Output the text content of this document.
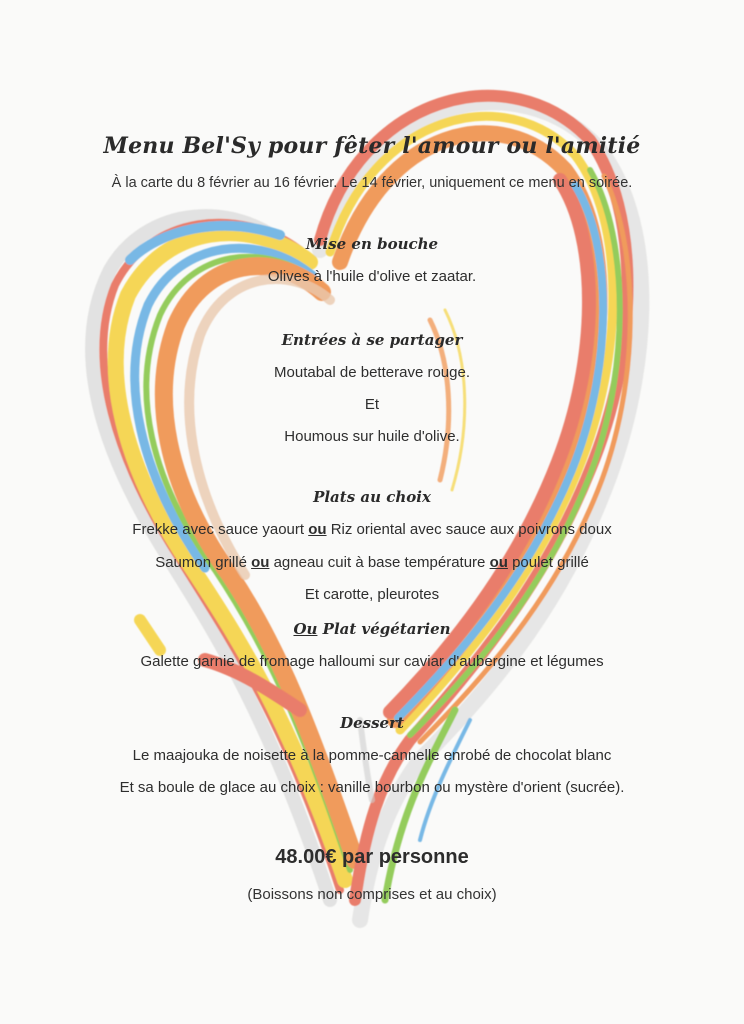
Menu Bel'Sy pour fêter l'amour ou l'amitié
À la carte du 8 février au 16 février. Le 14 février, uniquement ce menu en soirée.
Mise en bouche
Olives à l'huile d'olive et zaatar.
Entrées à se partager
Moutabal de betterave rouge.
Et
Houmous sur huile d'olive.
Plats au choix
Frekke avec sauce yaourt ou Riz oriental avec sauce aux poivrons doux
Saumon grillé ou agneau cuit à base température ou poulet grillé
Et carotte, pleurotes
Ou Plat végétarien
Galette garnie de fromage halloumi sur caviar d'aubergine et légumes
Dessert
Le maajouka de noisette à la pomme-cannelle enrobé de chocolat blanc
Et sa boule de glace au choix : vanille bourbon ou mystère d'orient (sucrée).
48.00€ par personne
(Boissons non comprises et au choix)
